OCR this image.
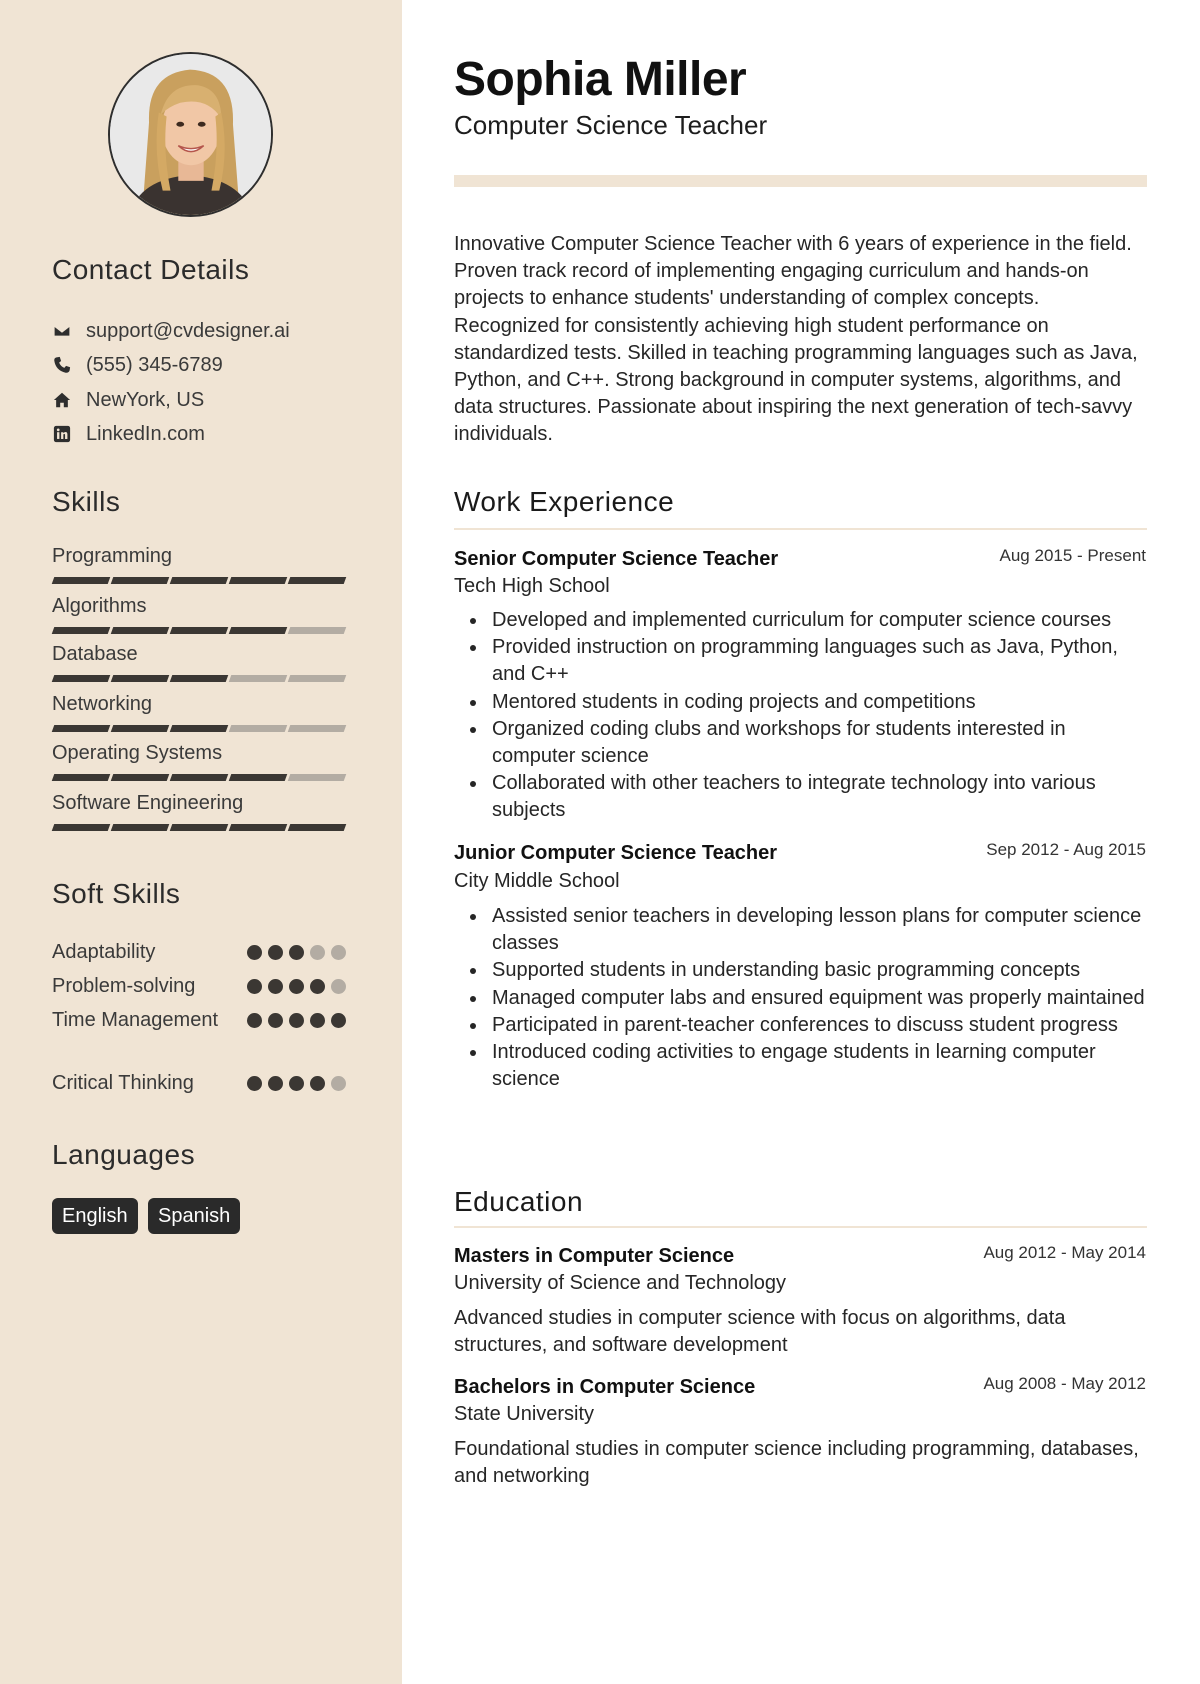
Contact Details
support@cvdesigner.ai
(555) 345-6789
NewYork, US
LinkedIn.com
Skills
Programming
Algorithms
Database
Networking
Operating Systems
Software Engineering
Soft Skills
Adaptability
Problem-solving
Time Management
Critical Thinking
Languages
English	Spanish
Sophia Miller
Computer Science Teacher

Innovative Computer Science Teacher with 6 years of experience in the field. Proven track record of implementing engaging curriculum and hands-on projects to enhance students' understanding of complex concepts. Recognized for consistently achieving high student performance on standardized tests. Skilled in teaching programming languages such as Java, Python, and C++. Strong background in computer systems, algorithms, and data structures. Passionate about inspiring the next generation of tech-savvy individuals.

Work Experience
Senior Computer Science Teacher	Aug 2015 - Present
Tech High School
Developed and implemented curriculum for computer science courses
Provided instruction on programming languages such as Java, Python, and C++
Mentored students in coding projects and competitions
Organized coding clubs and workshops for students interested in computer science
Collaborated with other teachers to integrate technology into various subjects
Junior Computer Science Teacher	Sep 2012 - Aug 2015
City Middle School
Assisted senior teachers in developing lesson plans for computer science classes
Supported students in understanding basic programming concepts
Managed computer labs and ensured equipment was properly maintained
Participated in parent-teacher conferences to discuss student progress
Introduced coding activities to engage students in learning computer science
Education
Masters in Computer Science	Aug 2012 - May 2014
University of Science and Technology

Advanced studies in computer science with focus on algorithms, data structures, and software development

Bachelors in Computer Science	Aug 2008 - May 2012
State University

Foundational studies in computer science including programming, databases, and networking
